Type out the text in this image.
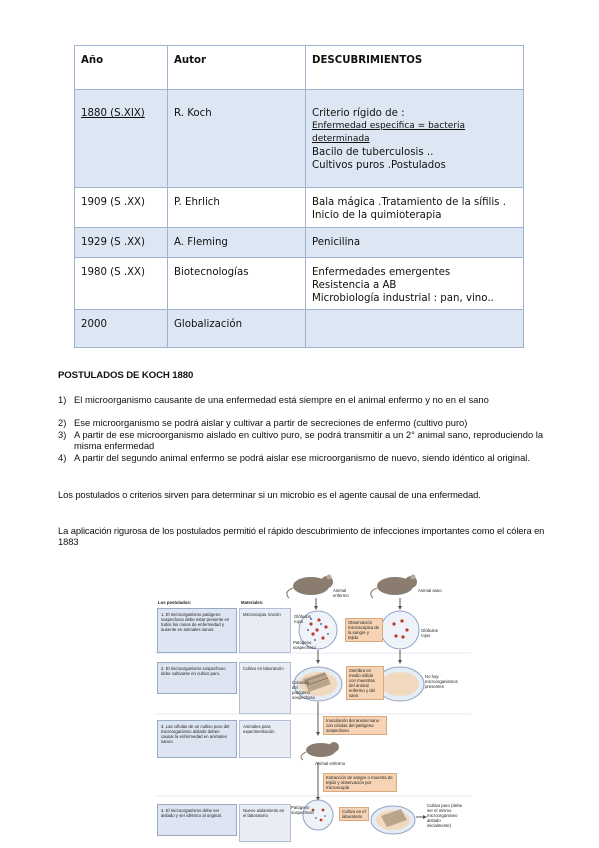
Año	Autor	DESCUBRIMIENTOS
1880 (S.XIX)	R. Koch	Criterio rígido de :
Enfermedad especifica = bacteria determinada
Bacilo de tuberculosis ..
Cultivos puros .Postulados

1909 (S .XX)	P. Ehrlich	Bala mágica .Tratamiento de la sífilis .
Inicio de la quimioterapia

1929 (S .XX)	A. Fleming	Penicilina
1980 (S .XX)	Biotecnologías	Enfermedades emergentes
Resistencia a AB
Microbiología industrial : pan, vino..

2000	Globalización	
POSTULADOS DE KOCH 1880
1) El microorganismo causante de una enfermedad está siempre en el animal enfermo y no en el sano
2) Ese microorganismo se podrá aislar y cultivar a partir de secreciones de enfermo (cultivo puro)
3) A partir de ese microorganismo aislado en cultivo puro, se podrá transmitir a un 2° animal sano, reproduciendo la misma enfermedad
4) A partir del segundo animal enfermo se podrá aislar ese microorganismo de nuevo, siendo idéntico al original.
Los postulados o criterios sirven para determinar si un microbio es el agente causal de una enfermedad.
La aplicación rigurosa de los postulados permitió el rápido descubrimiento de infecciones importantes como el cólera en 1883
Los postulados:	Materiales:
1. El microorganismo patógeno sospechoso debe estar presente en todos los casos de enfermedad y ausente en animales sanos.
2. El microorganismo sospechoso debe cultivarse en cultivo puro.
3. Las células de un cultivo puro del microorganismo aislado deben causar la enfermedad en animales sanos.
4. El microorganismo debe ser aislado y ser idéntico al original.
Microscopia, tinción
Cultivo en laboratorio
Animales para experimentación
Nuevo aislamiento en el laboratorio
Animal enfermo
Animal sano
Glóbulos rojos
Glóbulos rojos
Patógeno sospechoso
Observación microscópica de la sangre y tejido
Colonias del patógeno sospechoso
Siembra en medio sólido con muestras del animal enfermo y del sano
No hay microorganismos presentes
Inoculación del animal sano con células del patógeno sospechoso
Animal enfermo
Extracción de sangre o muestra de tejido y observación por microscopía
Patógeno sospechoso	Cultivo en el laboratorio
Cultivo puro (debe ser el mismo microorganismo aislado inicialmente)
